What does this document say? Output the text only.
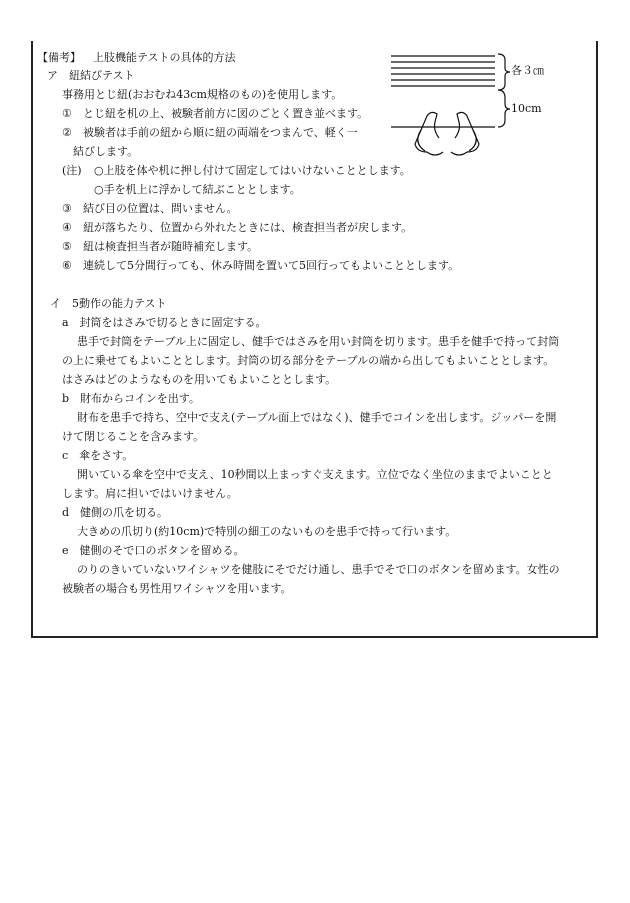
【備考】 上肢機能テストの具体的方法
ア　紐結びテスト
事務用とじ紐(おおむね43cm規格のもの)を使用します。
① とじ紐を机の上、被験者前方に図のごとく置き並べます。
② 被験者は手前の紐から順に紐の両端をつまんで、軽く一
結びします。
(注) ○上肢を体や机に押し付けて固定してはいけないこととします。
○手を机上に浮かして結ぶこととします。
③ 結び目の位置は、問いません。
④ 紐が落ちたり、位置から外れたときには、検査担当者が戻します。
⑤ 紐は検査担当者が随時補充します。
⑥ 連続して5分間行っても、休み時間を置いて5回行ってもよいこととします。
各３㎝
10cm
イ　5動作の能力テスト
a　封筒をはさみで切るときに固定する。
患手で封筒をテーブル上に固定し、健手ではさみを用い封筒を切ります。患手を健手で持って封筒
の上に乗せてもよいこととします。封筒の切る部分をテーブルの端から出してもよいこととします。
はさみはどのようなものを用いてもよいこととします。
b　財布からコインを出す。
財布を患手で持ち、空中で支え(テーブル面上ではなく)、健手でコインを出します。ジッパーを開
けて閉じることを含みます。
c　傘をさす。
開いている傘を空中で支え、10秒間以上まっすぐ支えます。立位でなく坐位のままでよいことと
します。肩に担いではいけません。
d　健側の爪を切る。
大きめの爪切り(約10cm)で特別の細工のないものを患手で持って行います。
e　健側のそで口のボタンを留める。
のりのきいていないワイシャツを健肢にそでだけ通し、患手でそで口のボタンを留めます。女性の
被験者の場合も男性用ワイシャツを用います。
